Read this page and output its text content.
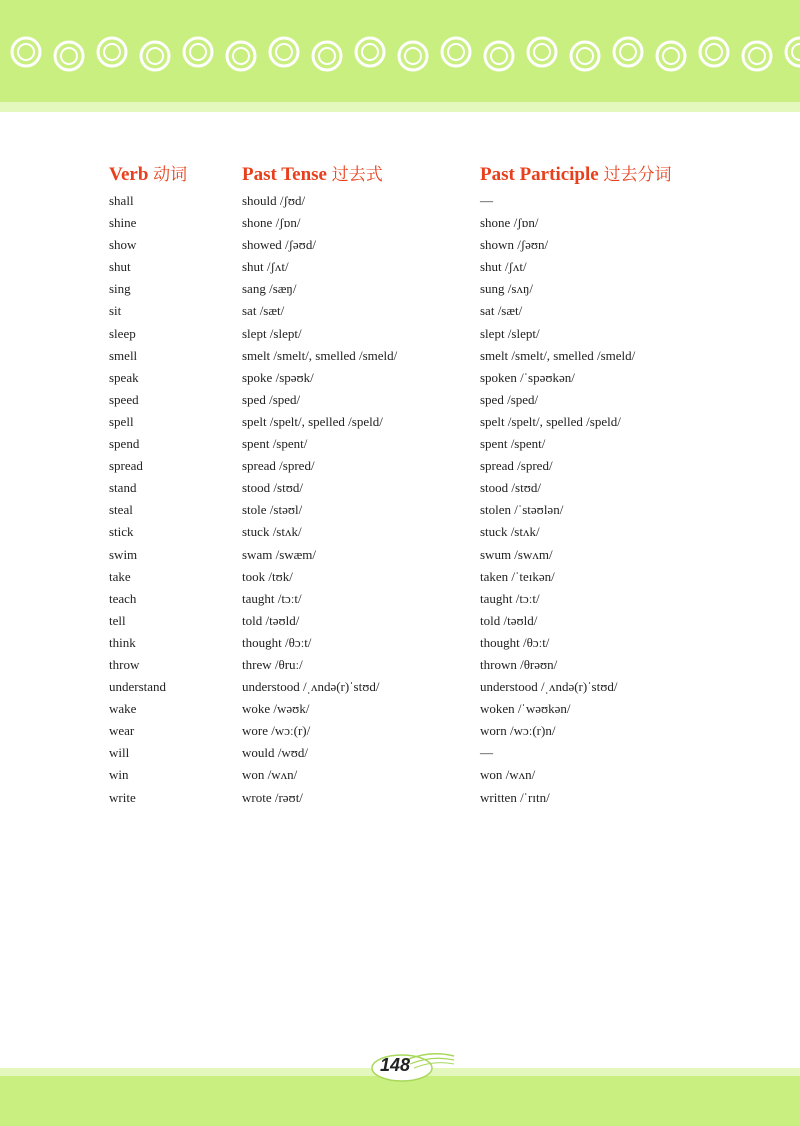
Verb 动词	Past Tense 过去式	Past Participle 过去分词
shall	should /ʃʊd/	—
shine	shone /ʃɒn/	shone /ʃɒn/
show	showed /ʃəʊd/	shown /ʃəʊn/
shut	shut /ʃʌt/	shut /ʃʌt/
sing	sang /sæŋ/	sung /sʌŋ/
sit	sat /sæt/	sat /sæt/
sleep	slept /slept/	slept /slept/
smell	smelt /smelt/, smelled /smeld/	smelt /smelt/, smelled /smeld/
speak	spoke /spəʊk/	spoken /ˈspəʊkən/
speed	sped /sped/	sped /sped/
spell	spelt /spelt/, spelled /speld/	spelt /spelt/, spelled /speld/
spend	spent /spent/	spent /spent/
spread	spread /spred/	spread /spred/
stand	stood /stʊd/	stood /stʊd/
steal	stole /stəʊl/	stolen /ˈstəʊlən/
stick	stuck /stʌk/	stuck /stʌk/
swim	swam /swæm/	swum /swʌm/
take	took /tʊk/	taken /ˈteɪkən/
teach	taught /tɔːt/	taught /tɔːt/
tell	told /təʊld/	told /təʊld/
think	thought /θɔːt/	thought /θɔːt/
throw	threw /θruː/	thrown /θrəʊn/
understand	understood /ˌʌndə(r)ˈstʊd/	understood /ˌʌndə(r)ˈstʊd/
wake	woke /wəʊk/	woken /ˈwəʊkən/
wear	wore /wɔː(r)/	worn /wɔː(r)n/
will	would /wʊd/	—
win	won /wʌn/	won /wʌn/
write	wrote /rəʊt/	written /ˈrɪtn/
148
